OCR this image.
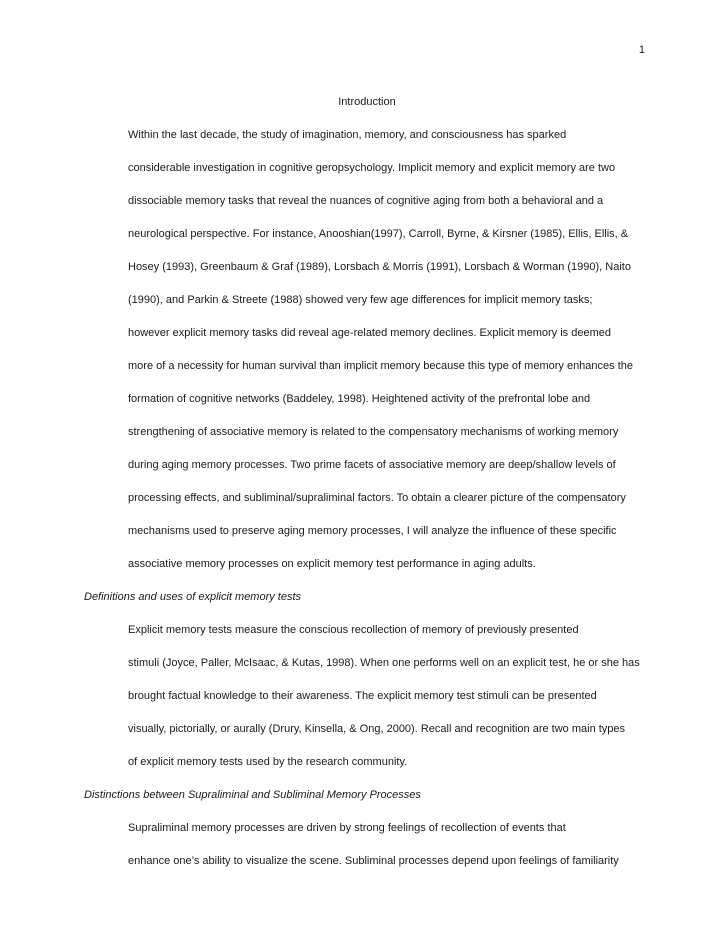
1

Introduction

Within the last decade, the study of imagination, memory, and consciousness has sparked
considerable investigation in cognitive geropsychology. Implicit memory and explicit memory are two
dissociable memory tasks that reveal the nuances of cognitive aging from both a behavioral and a
neurological perspective. For instance, Anooshian(1997), Carroll, Byrne, & Kirsner (1985), Ellis, Ellis, &
Hosey (1993), Greenbaum & Graf (1989), Lorsbach & Morris (1991), Lorsbach & Worman (1990), Naito
(1990), and Parkin & Streete (1988) showed very few age differences for implicit memory tasks;
however explicit memory tasks did reveal age-related memory declines. Explicit memory is deemed
more of a necessity for human survival than implicit memory because this type of memory enhances the
formation of cognitive networks (Baddeley, 1998). Heightened activity of the prefrontal lobe and
strengthening of associative memory is related to the compensatory mechanisms of working memory
during aging memory processes. Two prime facets of associative memory are deep/shallow levels of
processing effects, and subliminal/supraliminal factors. To obtain a clearer picture of the compensatory
mechanisms used to preserve aging memory processes, I will analyze the influence of these specific
associative memory processes on explicit memory test performance in aging adults.

Definitions and uses of explicit memory tests

Explicit memory tests measure the conscious recollection of memory of previously presented
stimuli (Joyce, Paller, McIsaac, & Kutas, 1998). When one performs well on an explicit test, he or she has
brought factual knowledge to their awareness. The explicit memory test stimuli can be presented
visually, pictorially, or aurally (Drury, Kinsella, & Ong, 2000). Recall and recognition are two main types
of explicit memory tests used by the research community.

Distinctions between Supraliminal and Subliminal Memory Processes

Supraliminal memory processes are driven by strong feelings of recollection of events that
enhance one’s ability to visualize the scene. Subliminal processes depend upon feelings of familiarity
